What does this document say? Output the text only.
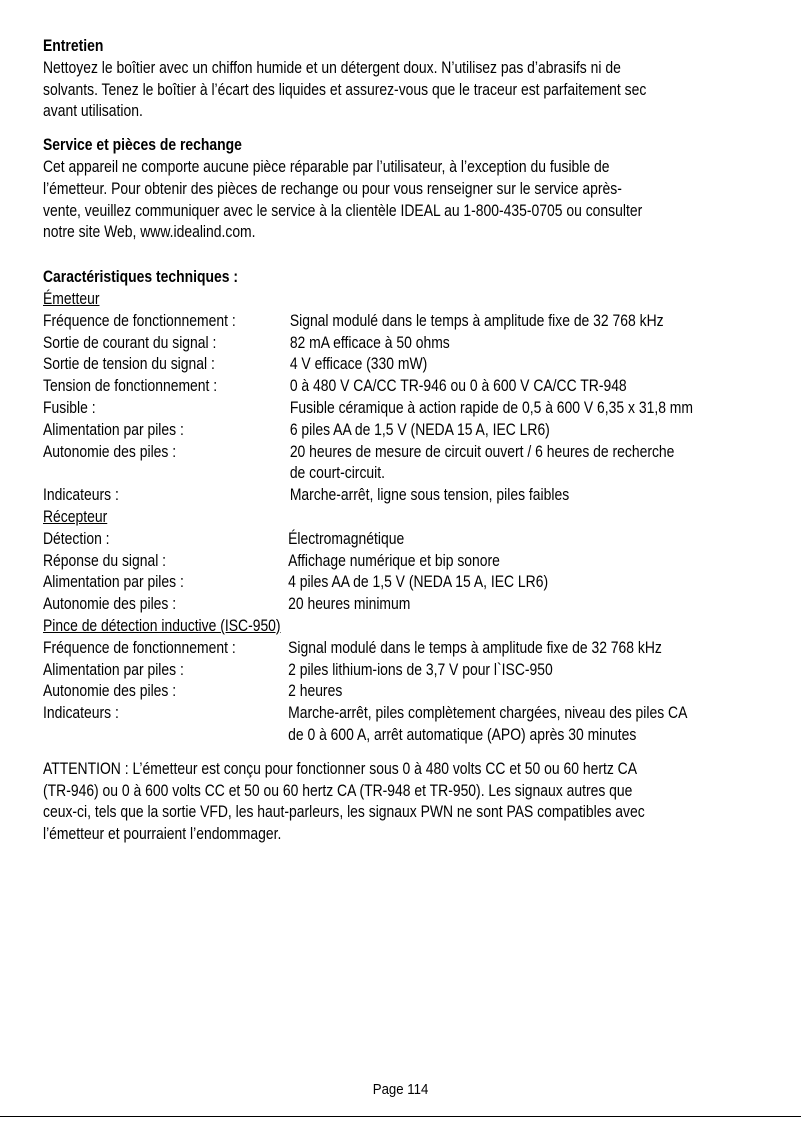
Entretien
Nettoyez le boîtier avec un chiffon humide et un détergent doux. N’utilisez pas d’abrasifs ni de
solvants. Tenez le boîtier à l’écart des liquides et assurez-vous que le traceur est parfaitement sec
avant utilisation.
Service et pièces de rechange
Cet appareil ne comporte aucune pièce réparable par l’utilisateur, à l’exception du fusible de
l’émetteur. Pour obtenir des pièces de rechange ou pour vous renseigner sur le service après-
vente, veuillez communiquer avec le service à la clientèle IDEAL au 1-800-435-0705 ou consulter
notre site Web, www.idealind.com.
Caractéristiques techniques :
Émetteur
Fréquence de fonctionnement :	Signal modulé dans le temps à amplitude fixe de 32 768 kHz
Sortie de courant du signal :	82 mA efficace à 50 ohms
Sortie de tension du signal :	4 V efficace (330 mW)
Tension de fonctionnement :	0 à 480 V CA/CC TR-946 ou 0 à 600 V CA/CC TR-948
Fusible :	Fusible céramique à action rapide de 0,5 à 600 V 6,35 x 31,8 mm
Alimentation par piles :	6 piles AA de 1,5 V (NEDA 15 A, IEC LR6)
Autonomie des piles :	20 heures de mesure de circuit ouvert / 6 heures de recherche
de court-circuit.
Indicateurs :	Marche-arrêt, ligne sous tension, piles faibles
Récepteur
Détection :	Électromagnétique
Réponse du signal :	Affichage numérique et bip sonore
Alimentation par piles :	4 piles AA de 1,5 V (NEDA 15 A, IEC LR6)
Autonomie des piles :	20 heures minimum
Pince de détection inductive (ISC-950)
Fréquence de fonctionnement :	Signal modulé dans le temps à amplitude fixe de 32 768 kHz
Alimentation par piles :	2 piles lithium-ions de 3,7 V pour l`ISC-950
Autonomie des piles :	2 heures
Indicateurs :	Marche-arrêt, piles complètement chargées, niveau des piles CA
de 0 à 600 A, arrêt automatique (APO) après 30 minutes
ATTENTION : L’émetteur est conçu pour fonctionner sous 0 à 480 volts CC et 50 ou 60 hertz CA
(TR-946) ou 0 à 600 volts CC et 50 ou 60 hertz CA (TR-948 et TR-950). Les signaux autres que
ceux-ci, tels que la sortie VFD, les haut-parleurs, les signaux PWN ne sont PAS compatibles avec
l’émetteur et pourraient l’endommager.
Page 114
